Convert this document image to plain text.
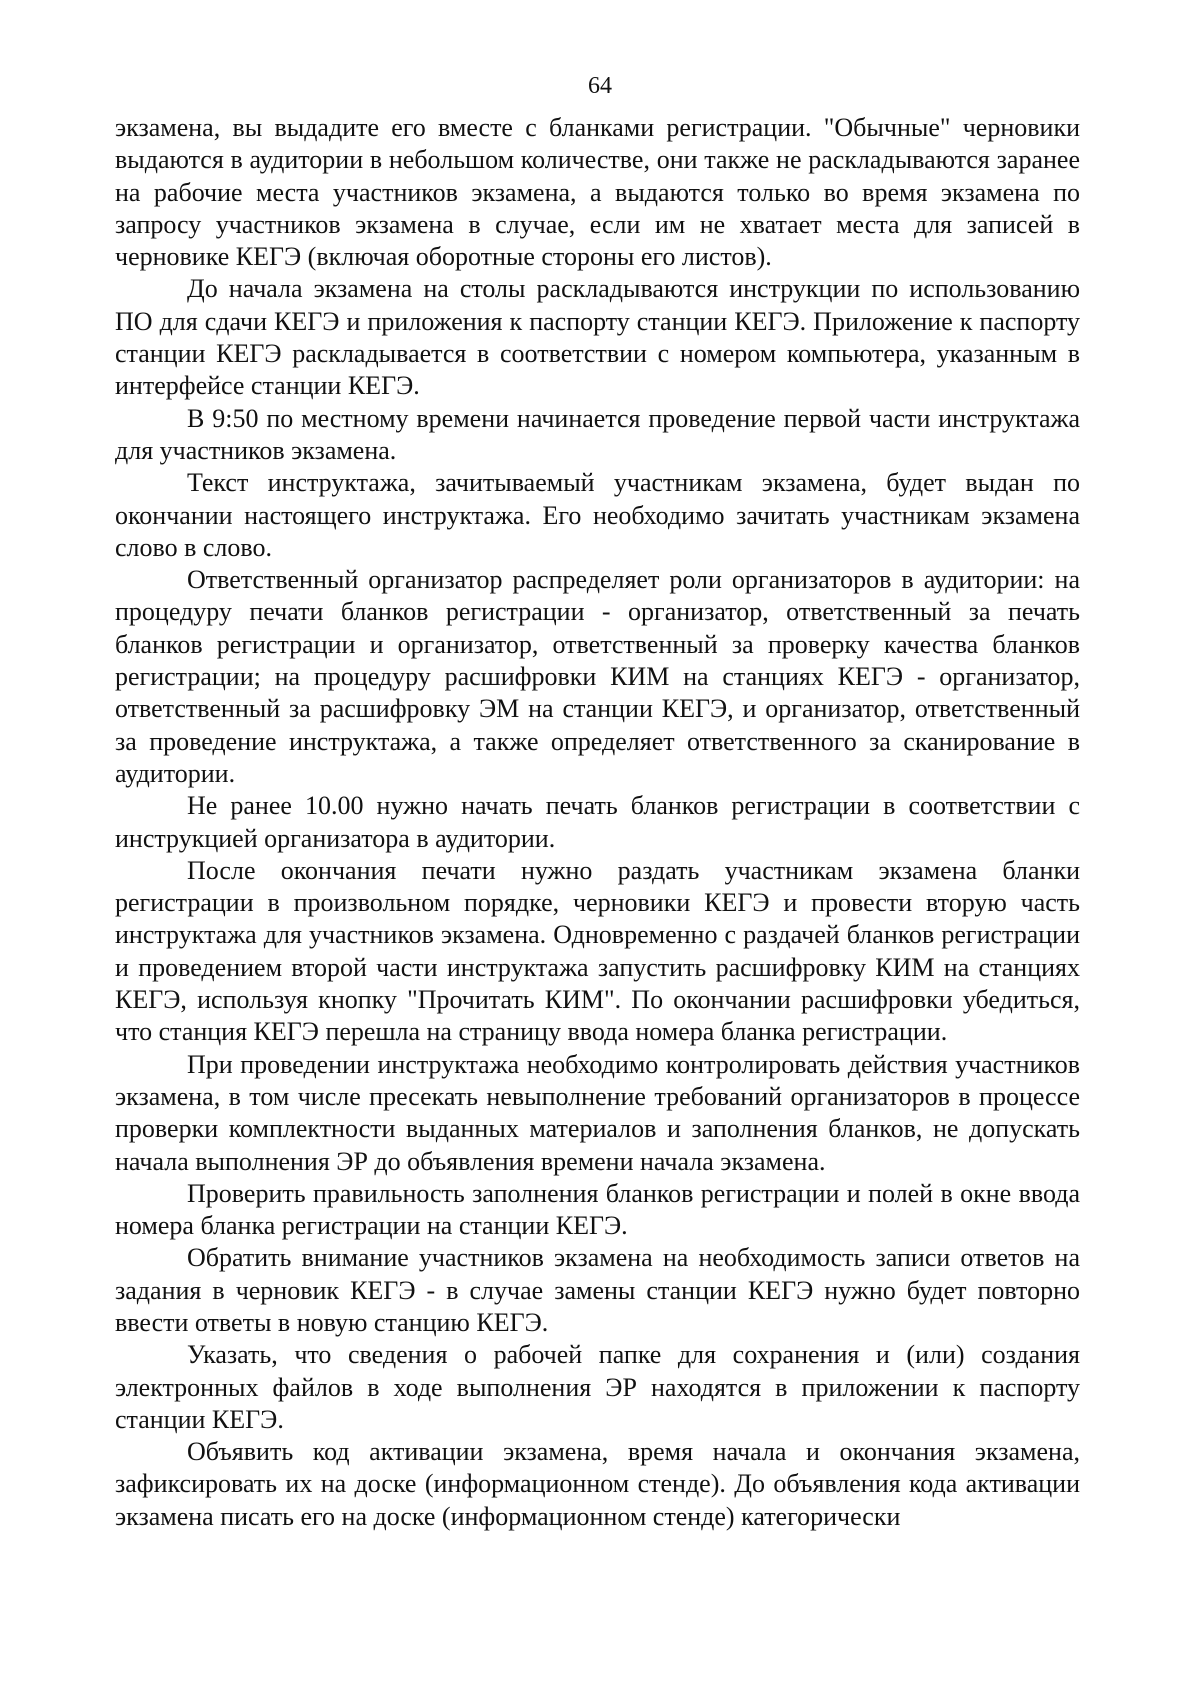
64

экзамена, вы выдадите его вместе с бланками регистрации. "Обычные" черновики выдаются в аудитории в небольшом количестве, они также не раскладываются заранее на рабочие места участников экзамена, а выдаются только во время экзамена по запросу участников экзамена в случае, если им не хватает места для записей в черновике КЕГЭ (включая оборотные стороны его листов).

До начала экзамена на столы раскладываются инструкции по использованию ПО для сдачи КЕГЭ и приложения к паспорту станции КЕГЭ. Приложение к паспорту станции КЕГЭ раскладывается в соответствии с номером компьютера, указанным в интерфейсе станции КЕГЭ.

В 9:50 по местному времени начинается проведение первой части инструктажа для участников экзамена.

Текст инструктажа, зачитываемый участникам экзамена, будет выдан по окончании настоящего инструктажа. Его необходимо зачитать участникам экзамена слово в слово.

Ответственный организатор распределяет роли организаторов в аудитории: на процедуру печати бланков регистрации - организатор, ответственный за печать бланков регистрации и организатор, ответственный за проверку качества бланков регистрации; на процедуру расшифровки КИМ на станциях КЕГЭ - организатор, ответственный за расшифровку ЭМ на станции КЕГЭ, и организатор, ответственный за проведение инструктажа, а также определяет ответственного за сканирование в аудитории.

Не ранее 10.00 нужно начать печать бланков регистрации в соответствии с инструкцией организатора в аудитории.

После окончания печати нужно раздать участникам экзамена бланки регистрации в произвольном порядке, черновики КЕГЭ и провести вторую часть инструктажа для участников экзамена. Одновременно с раздачей бланков регистрации и проведением второй части инструктажа запустить расшифровку КИМ на станциях КЕГЭ, используя кнопку "Прочитать КИМ". По окончании расшифровки убедиться, что станция КЕГЭ перешла на страницу ввода номера бланка регистрации.

При проведении инструктажа необходимо контролировать действия участников экзамена, в том числе пресекать невыполнение требований организаторов в процессе проверки комплектности выданных материалов и заполнения бланков, не допускать начала выполнения ЭР до объявления времени начала экзамена.

Проверить правильность заполнения бланков регистрации и полей в окне ввода номера бланка регистрации на станции КЕГЭ.

Обратить внимание участников экзамена на необходимость записи ответов на задания в черновик КЕГЭ - в случае замены станции КЕГЭ нужно будет повторно ввести ответы в новую станцию КЕГЭ.

Указать, что сведения о рабочей папке для сохранения и (или) создания электронных файлов в ходе выполнения ЭР находятся в приложении к паспорту станции КЕГЭ.

Объявить код активации экзамена, время начала и окончания экзамена, зафиксировать их на доске (информационном стенде). До объявления кода активации экзамена писать его на доске (информационном стенде) категорически
